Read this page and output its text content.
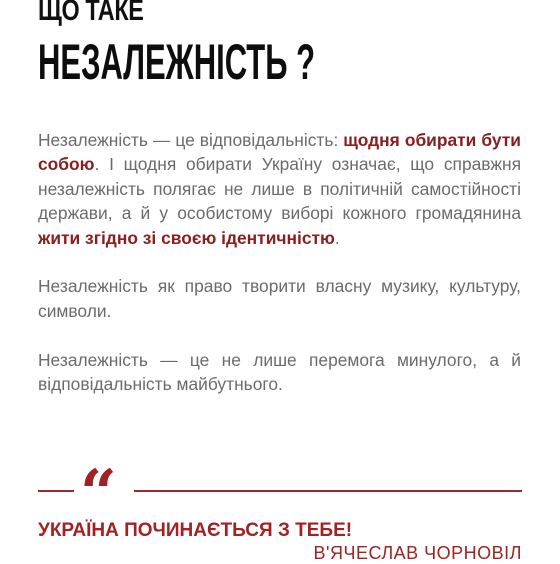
ЩО ТАКЕ
НЕЗАЛЕЖНІСТЬ ?

Незалежність — це відповідальність: щодня обирати бути собою. І щодня обирати Україну означає, що справжня незалежність полягає не лише в політичній самостійності держави, а й у особистому виборі кожного громадянина жити згідно зі своєю ідентичністю.

Незалежність як право творити власну музику, культуру, символи.

Незалежність — це не лише перемога минулого, а й відповідальність майбутнього.

“
УКРАЇНА ПОЧИНАЄТЬСЯ З ТЕБЕ!
В'ЯЧЕСЛАВ ЧОРНОВІЛ
